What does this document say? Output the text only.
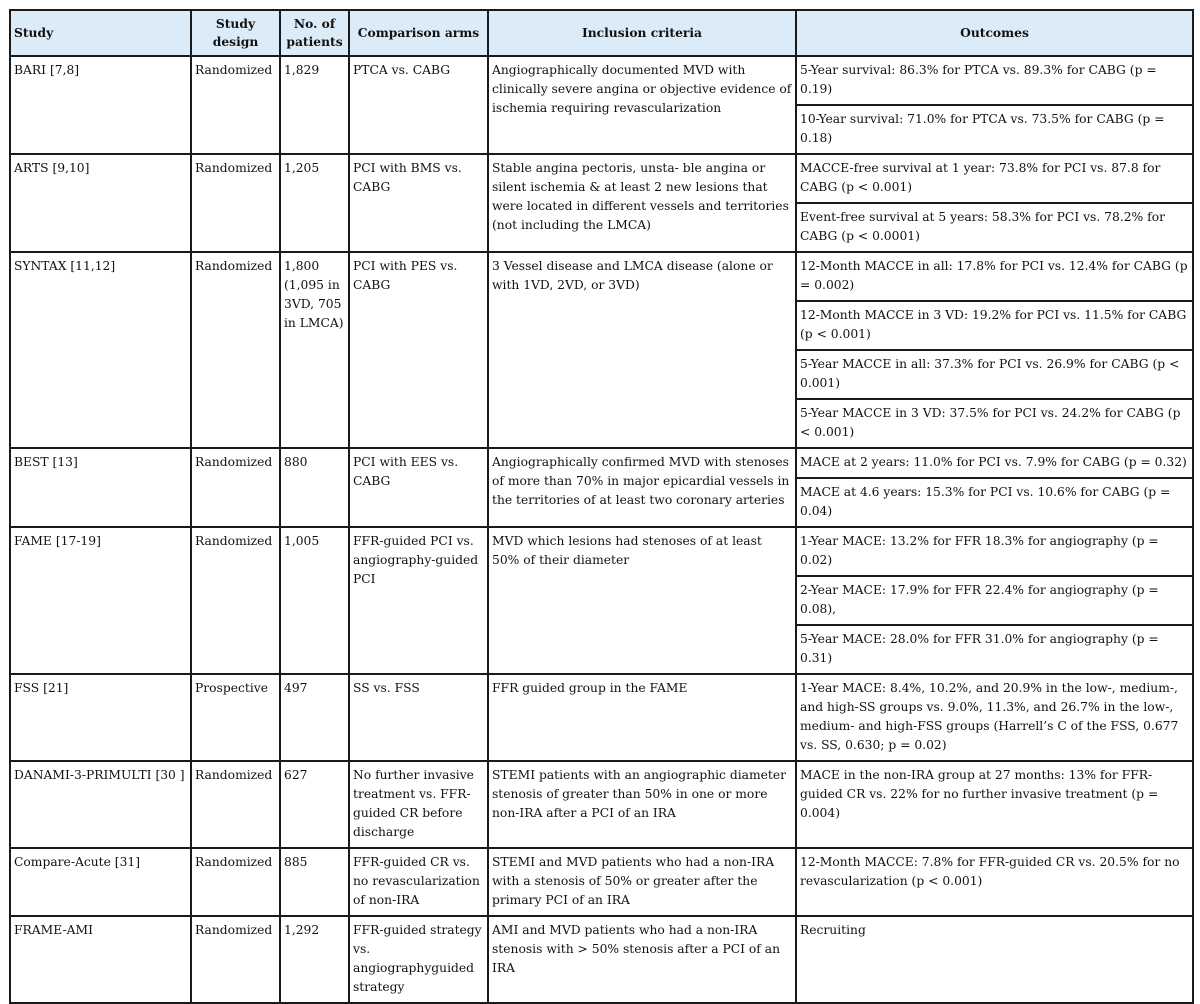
Study	Study design	No. of patients	Comparison arms	Inclusion criteria	Outcomes
BARI [7,8]	Randomized	1,829	PTCA vs. CABG	Angiographically documented MVD with clinically severe angina or objective evidence of ischemia requiring revascularization	5-Year survival: 86.3% for PTCA vs. 89.3% for CABG (p = 0.19)
					10-Year survival: 71.0% for PTCA vs. 73.5% for CABG (p = 0.18)
ARTS [9,10]	Randomized	1,205	PCI with BMS vs. CABG	Stable angina pectoris, unsta- ble angina or silent ischemia & at least 2 new lesions that were located in different vessels and territories (not including the LMCA)	MACCE-free survival at 1 year: 73.8% for PCI vs. 87.8 for CABG (p < 0.001)
					Event-free survival at 5 years: 58.3% for PCI vs. 78.2% for CABG (p < 0.0001)
SYNTAX [11,12]	Randomized	1,800 (1,095 in 3VD, 705 in LMCA)	PCI with PES vs. CABG	3 Vessel disease and LMCA disease (alone or with 1VD, 2VD, or 3VD)	12-Month MACCE in all: 17.8% for PCI vs. 12.4% for CABG (p = 0.002)
					12-Month MACCE in 3 VD: 19.2% for PCI vs. 11.5% for CABG (p < 0.001)
					5-Year MACCE in all: 37.3% for PCI vs. 26.9% for CABG (p < 0.001)
					5-Year MACCE in 3 VD: 37.5% for PCI vs. 24.2% for CABG (p < 0.001)
BEST [13]	Randomized	880	PCI with EES vs. CABG	Angiographically confirmed MVD with stenoses of more than 70% in major epicardial vessels in the territories of at least two coronary arteries	MACE at 2 years: 11.0% for PCI vs. 7.9% for CABG (p = 0.32)
					MACE at 4.6 years: 15.3% for PCI vs. 10.6% for CABG (p = 0.04)
FAME [17-19]	Randomized	1,005	FFR-guided PCI vs. angiography-guided PCI	MVD which lesions had stenoses of at least 50% of their diameter	1-Year MACE: 13.2% for FFR 18.3% for angiography (p = 0.02)
					2-Year MACE: 17.9% for FFR 22.4% for angiography (p = 0.08),
					5-Year MACE: 28.0% for FFR 31.0% for angiography (p = 0.31)
FSS [21]	Prospective	497	SS vs. FSS	FFR guided group in the FAME	1-Year MACE: 8.4%, 10.2%, and 20.9% in the low-, medium-, and high-SS groups vs. 9.0%, 11.3%, and 26.7% in the low-, medium- and high-FSS groups (Harrell’s C of the FSS, 0.677 vs. SS, 0.630; p = 0.02)
DANAMI-3-PRIMULTI [30 ]	Randomized	627	No further invasive treatment vs. FFR-guided CR before discharge	STEMI patients with an angiographic diameter stenosis of greater than 50% in one or more non-IRA after a PCI of an IRA	MACE in the non-IRA group at 27 months: 13% for FFR-guided CR vs. 22% for no further invasive treatment (p = 0.004)
Compare-Acute [31]	Randomized	885	FFR-guided CR vs. no revascularization of non-IRA	STEMI and MVD patients who had a non-IRA with a stenosis of 50% or greater after the primary PCI of an IRA	12-Month MACCE: 7.8% for FFR-guided CR vs. 20.5% for no revascularization (p < 0.001)
FRAME-AMI	Randomized	1,292	FFR-guided strategy vs. angiographyguided strategy	AMI and MVD patients who had a non-IRA stenosis with > 50% stenosis after a PCI of an IRA	Recruiting
